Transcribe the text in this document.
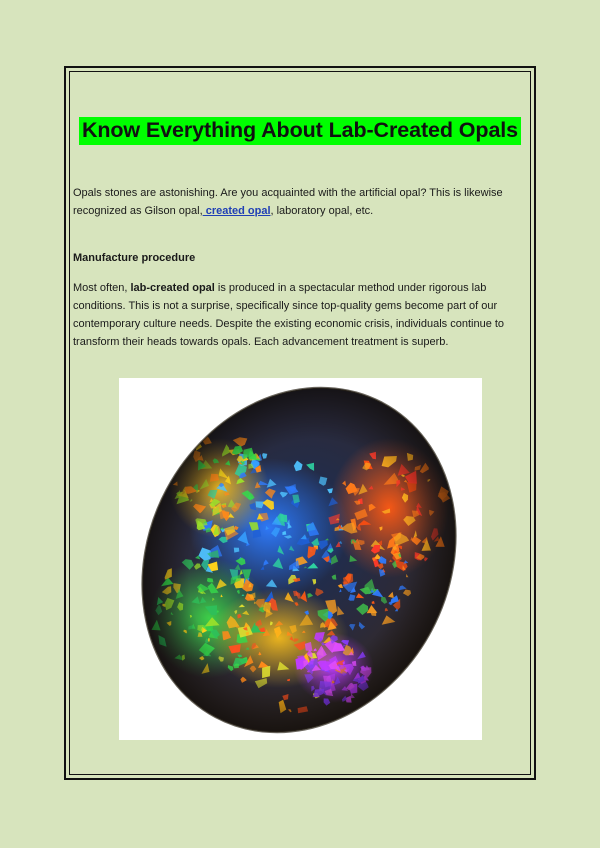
Know Everything About Lab-Created Opals

Opals stones are astonishing. Are you acquainted with the artificial opal? This is likewise recognized as Gilson opal, created opal, laboratory opal, etc.

Manufacture procedure

Most often, lab-created opal is produced in a spectacular method under rigorous lab conditions. This is not a surprise, specifically since top-quality gems become part of our contemporary culture needs. Despite the existing economic crisis, individuals continue to transform their heads towards opals. Each advancement treatment is superb.
